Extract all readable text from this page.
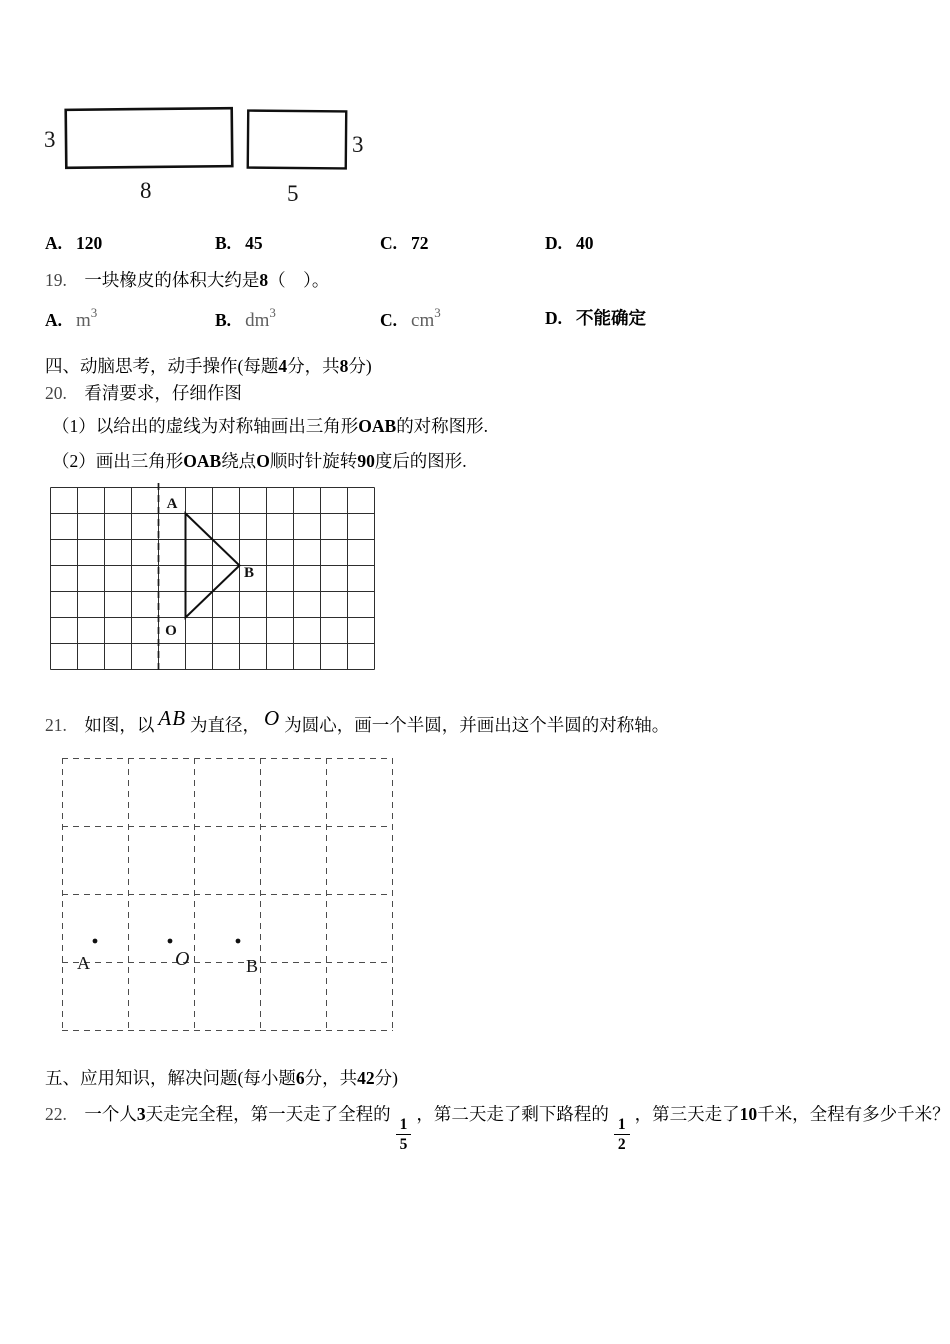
3
8
3
5
A. 120	B. 45	C. 72	D. 40
19.　一块橡皮的体积大约是8（　）。
A. $m^3$	B. $dm^3$	C. $cm^3$	D. 不能确定
四、动脑思考，动手操作(每题4分，共8分)
20.　看清要求，仔细作图
（1）以给出的虚线为对称轴画出三角形OAB的对称图形.
（2）画出三角形OAB绕点O顺时针旋转90度后的图形.
A
B
O
21.　如图，以 AB 为直径， O 为圆心，画一个半圆，并画出这个半圆的对称轴。
A	O	B
五、应用知识，解决问题(每小题6分，共42分)
22.　一个人3天走完全程，第一天走了全程的
$\frac{1}{5}$
，第二天走了剩下路程的
$\frac{1}{2}$
，第三天走了10千米，全程有多少千米？
